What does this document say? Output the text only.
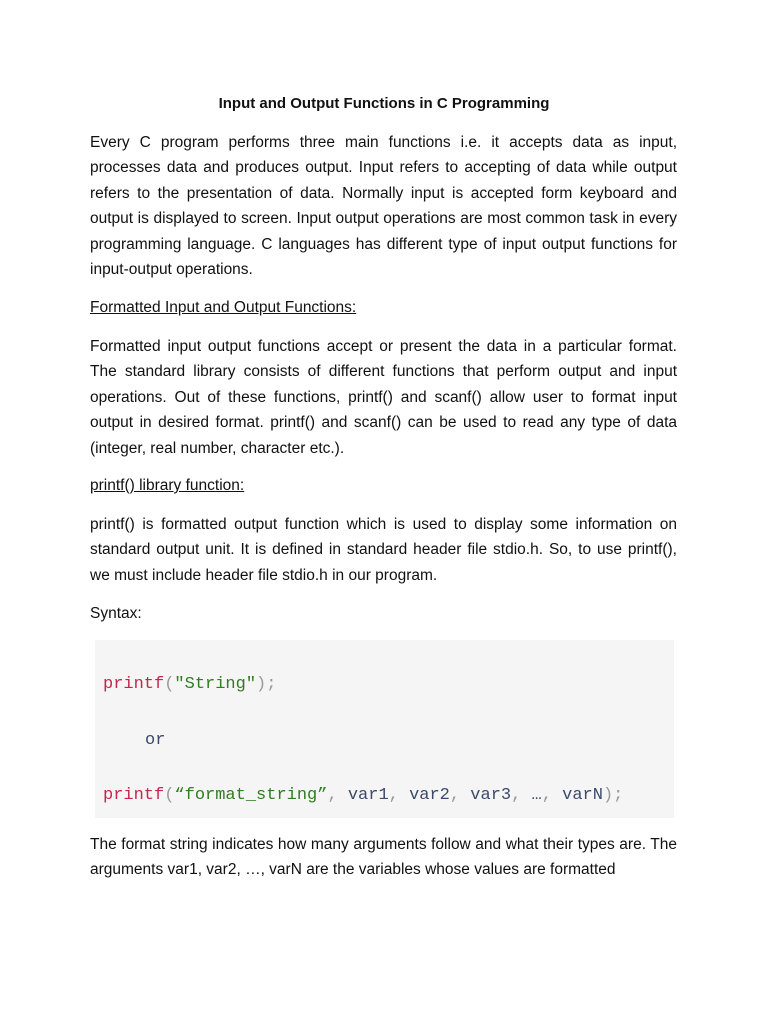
Input and Output Functions in C Programming

Every C program performs three main functions i.e. it accepts data as input, processes data and produces output. Input refers to accepting of data while output refers to the presentation of data. Normally input is accepted form keyboard and output is displayed to screen. Input output operations are most common task in every programming language. C languages has different type of input output functions for input-output operations.

Formatted Input and Output Functions:

Formatted input output functions accept or present the data in a particular format. The standard library consists of different functions that perform output and input operations. Out of these functions, printf() and scanf() allow user to format input output in desired format. printf() and scanf() can be used to read any type of data (integer, real number, character etc.).

printf() library function:

printf() is formatted output function which is used to display some information on standard output unit. It is defined in standard header file stdio.h. So, to use printf(), we must include header file stdio.h in our program.

Syntax:

printf("String");
or
printf(“format_string”, var1, var2, var3, …, varN);

The format string indicates how many arguments follow and what their types are. The arguments var1, var2, …, varN are the variables whose values are formatted
